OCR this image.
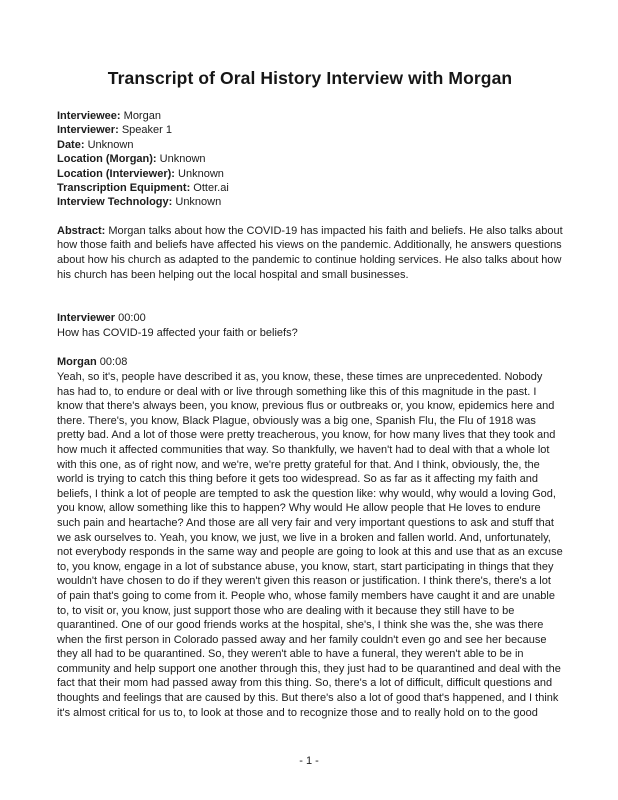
Transcript of Oral History Interview with Morgan
Interviewee: Morgan
Interviewer: Speaker 1
Date: Unknown
Location (Morgan): Unknown
Location (Interviewer): Unknown
Transcription Equipment: Otter.ai
Interview Technology: Unknown

Abstract: Morgan talks about how the COVID-19 has impacted his faith and beliefs. He also talks about how those faith and beliefs have affected his views on the pandemic. Additionally, he answers questions about how his church as adapted to the pandemic to continue holding services. He also talks about how his church has been helping out the local hospital and small businesses.

Interviewer 00:00

How has COVID-19 affected your faith or beliefs?

Morgan 00:08

Yeah, so it's, people have described it as, you know, these, these times are unprecedented. Nobody has had to, to endure or deal with or live through something like this of this magnitude in the past. I know that there's always been, you know, previous flus or outbreaks or, you know, epidemics here and there. There's, you know, Black Plague, obviously was a big one, Spanish Flu, the Flu of 1918 was pretty bad. And a lot of those were pretty treacherous, you know, for how many lives that they took and how much it affected communities that way. So thankfully, we haven't had to deal with that a whole lot with this one, as of right now, and we're, we're pretty grateful for that. And I think, obviously, the, the world is trying to catch this thing before it gets too widespread. So as far as it affecting my faith and beliefs, I think a lot of people are tempted to ask the question like: why would, why would a loving God, you know, allow something like this to happen? Why would He allow people that He loves to endure such pain and heartache? And those are all very fair and very important questions to ask and stuff that we ask ourselves to. Yeah, you know, we just, we live in a broken and fallen world. And, unfortunately, not everybody responds in the same way and people are going to look at this and use that as an excuse to, you know, engage in a lot of substance abuse, you know, start, start participating in things that they wouldn't have chosen to do if they weren't given this reason or justification. I think there's, there's a lot of pain that's going to come from it. People who, whose family members have caught it and are unable to, to visit or, you know, just support those who are dealing with it because they still have to be quarantined. One of our good friends works at the hospital, she's, I think she was the, she was there when the first person in Colorado passed away and her family couldn't even go and see her because they all had to be quarantined. So, they weren't able to have a funeral, they weren't able to be in community and help support one another through this, they just had to be quarantined and deal with the fact that their mom had passed away from this thing. So, there's a lot of difficult, difficult questions and thoughts and feelings that are caused by this. But there's also a lot of good that's happened, and I think it's almost critical for us to, to look at those and to recognize those and to really hold on to the good

- 1 -
